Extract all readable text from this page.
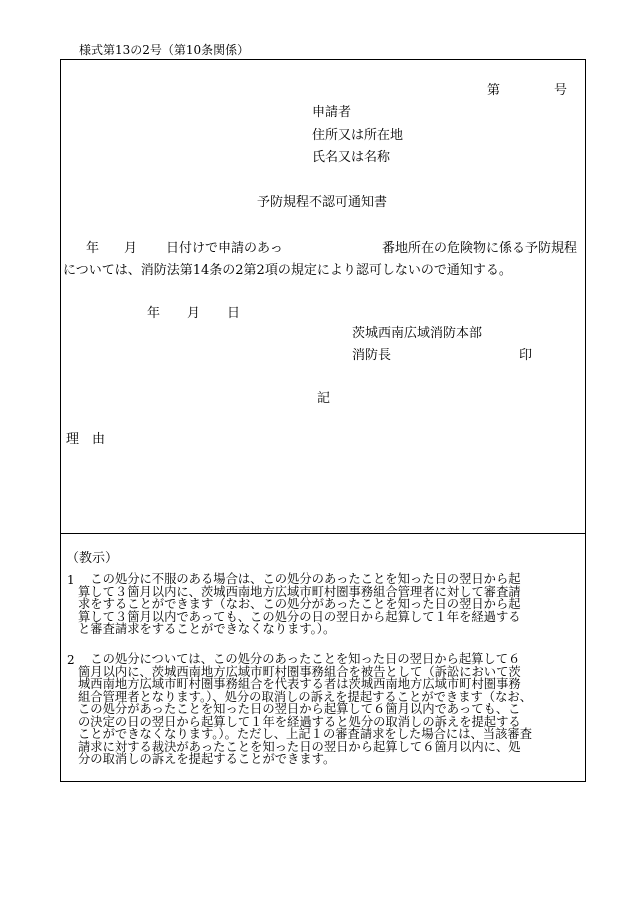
様式第13の2号（第10条関係）
第	号
申請者
住所又は所在地
氏名又は名称
予防規程不認可通知書
年 月 日付けで申請のあっ	番地所在の危険物に係る予防規程
については、消防法第14条の2第2項の規定により認可しないので通知する。
年 月 日
茨城西南広域消防本部
消防長	印
記
理　由
（教示）
1 　この処分に不服のある場合は、この処分のあったことを知った日の翌日から起
算して３箇月以内に、茨城西南地方広域市町村圏事務組合管理者に対して審査請
求をすることができます（なお、この処分があったことを知った日の翌日から起
算して３箇月以内であっても、この処分の日の翌日から起算して１年を経過する
と審査請求をすることができなくなります。）。
2 　この処分については、この処分のあったことを知った日の翌日から起算して６
箇月以内に、茨城西南地方広域市町村圏事務組合を被告として（訴訟において茨
城西南地方広域市町村圏事務組合を代表する者は茨城西南地方広域市町村圏事務
組合管理者となります。）、処分の取消しの訴えを提起することができます（なお、
この処分があったことを知った日の翌日から起算して６箇月以内であっても、こ
の決定の日の翌日から起算して１年を経過すると処分の取消しの訴えを提起する
ことができなくなります。）。ただし、上記１の審査請求をした場合には、当該審査
請求に対する裁決があったことを知った日の翌日から起算して６箇月以内に、処
分の取消しの訴えを提起することができます。
